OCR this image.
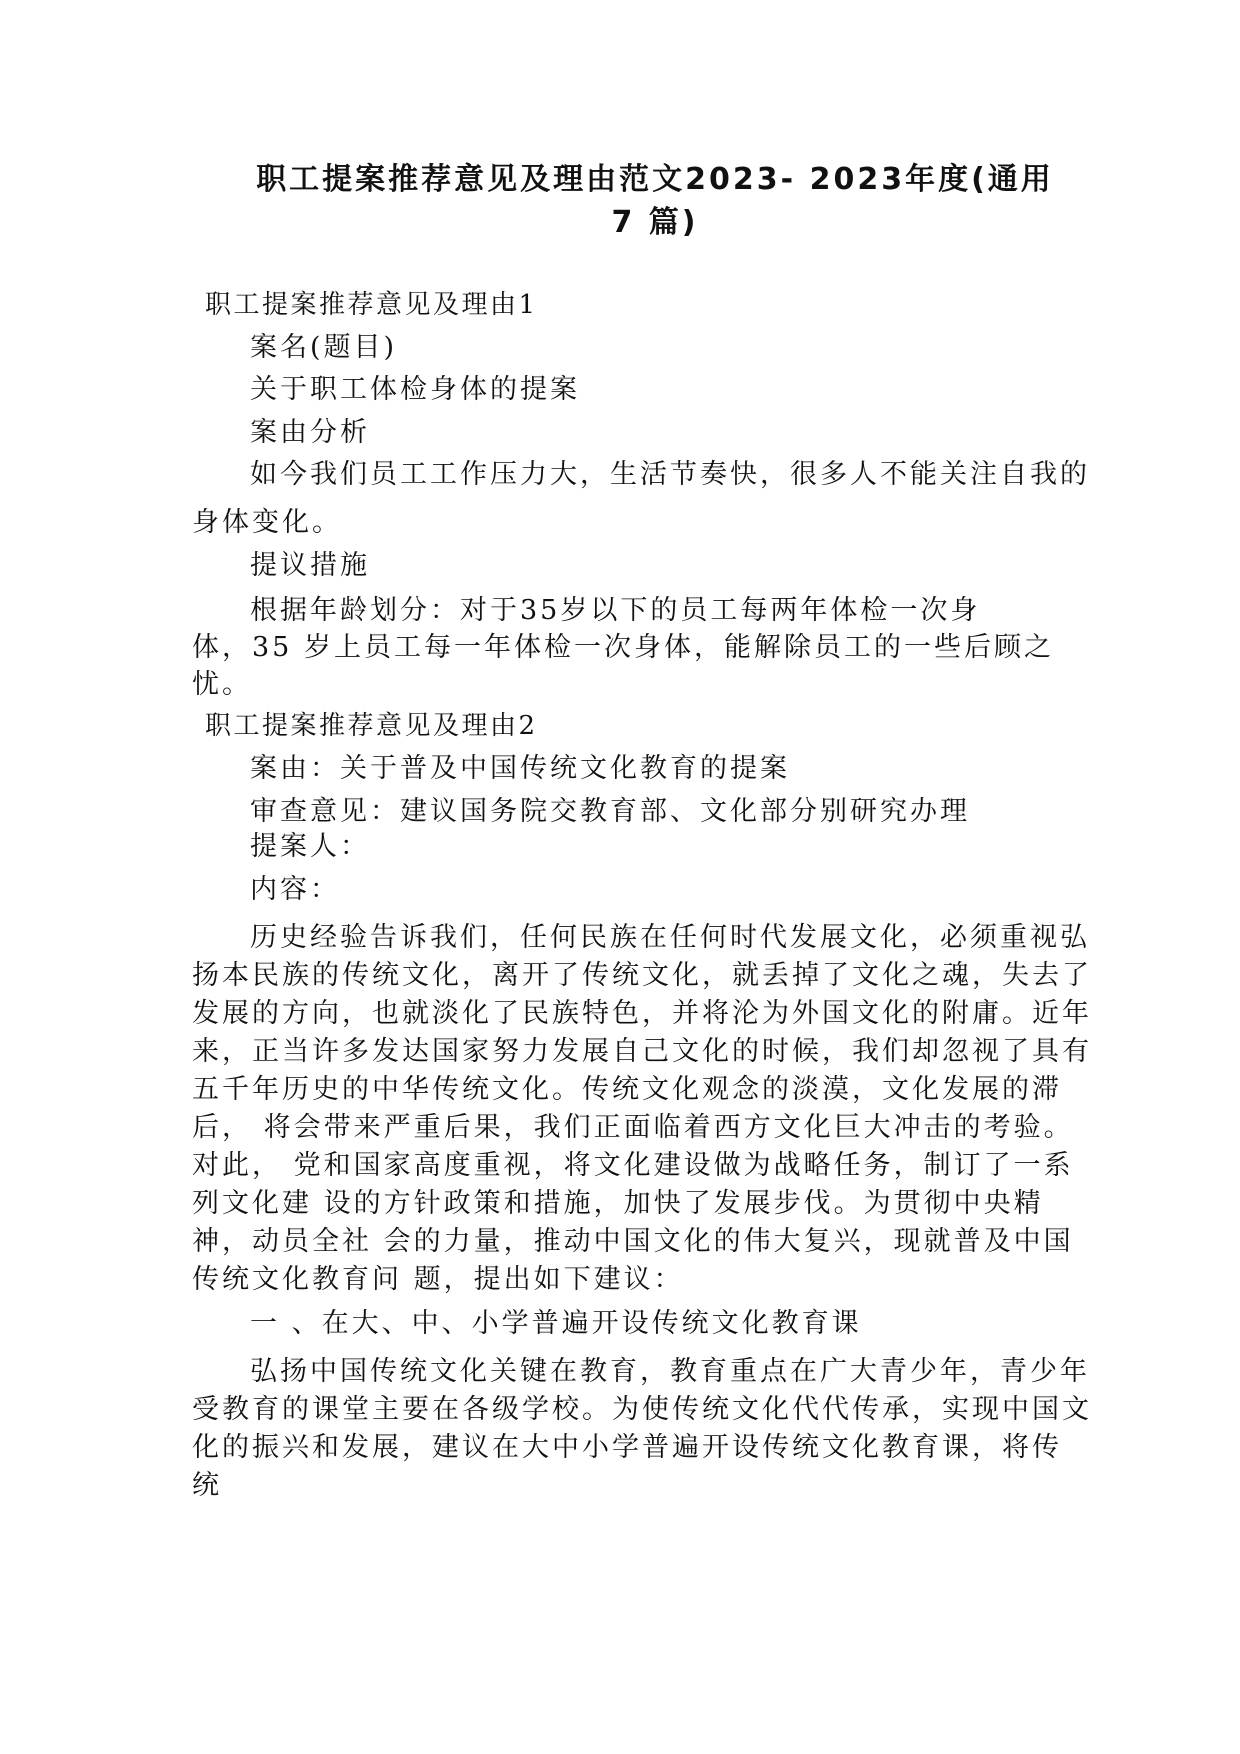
职工提案推荐意见及理由范文2023- 2023年度(通用
7 篇)
职工提案推荐意见及理由1
案名(题目)
关于职工体检身体的提案
案由分析
如今我们员工工作压力大，生活节奏快，很多人不能关注自我的
身体变化。
提议措施
根据年龄划分：对于35岁以下的员工每两年体检一次身
体，35 岁上员工每一年体检一次身体，能解除员工的一些后顾之
忧。
职工提案推荐意见及理由2
案由：关于普及中国传统文化教育的提案
审查意见：建议国务院交教育部、文化部分别研究办理
提案人：
内容：
历史经验告诉我们，任何民族在任何时代发展文化，必须重视弘
扬本民族的传统文化，离开了传统文化，就丢掉了文化之魂，失去了
发展的方向，也就淡化了民族特色，并将沦为外国文化的附庸。近年
来，正当许多发达国家努力发展自己文化的时候，我们却忽视了具有
五千年历史的中华传统文化。传统文化观念的淡漠，文化发展的滞
后， 将会带来严重后果，我们正面临着西方文化巨大冲击的考验。
对此， 党和国家高度重视，将文化建设做为战略任务，制订了一系
列文化建 设的方针政策和措施，加快了发展步伐。为贯彻中央精
神，动员全社 会的力量，推动中国文化的伟大复兴，现就普及中国
传统文化教育问 题，提出如下建议：
一 、在大、中、小学普遍开设传统文化教育课
弘扬中国传统文化关键在教育，教育重点在广大青少年，青少年
受教育的课堂主要在各级学校。为使传统文化代代传承，实现中国文
化的振兴和发展，建议在大中小学普遍开设传统文化教育课，将传
统
